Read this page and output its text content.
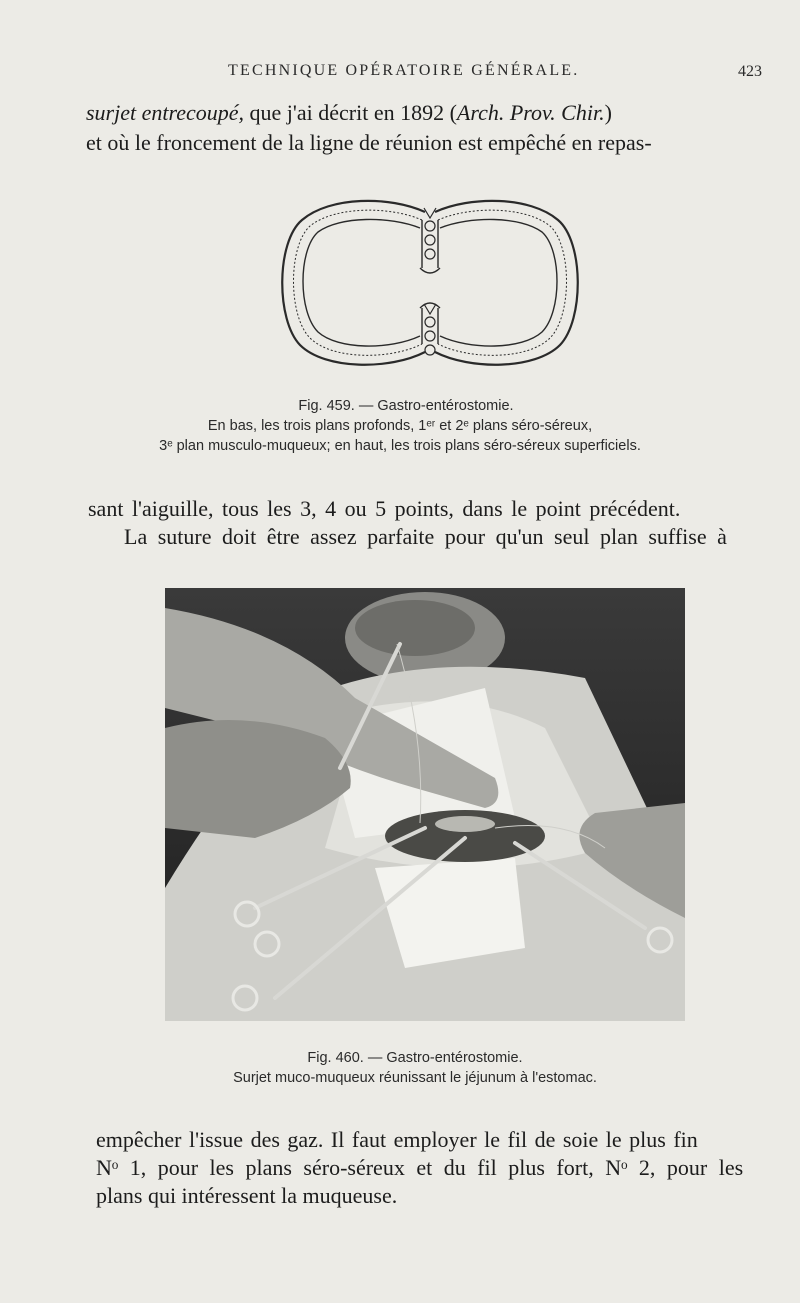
TECHNIQUE OPÉRATOIRE GÉNÉRALE.	423
surjet entrecoupé, que j'ai décrit en 1892 (Arch. Prov. Chir.)
et où le froncement de la ligne de réunion est empêché en repas-
Fig. 459. — Gastro-entérostomie.
En bas, les trois plans profonds, 1ᵉʳ et 2ᵉ plans séro-séreux,
3ᵉ plan musculo-muqueux; en haut, les trois plans séro-séreux superficiels.
sant l'aiguille, tous les 3, 4 ou 5 points, dans le point précédent.
La suture doit être assez parfaite pour qu'un seul plan suffise à
Fig. 460. — Gastro-entérostomie.
Surjet muco-muqueux réunissant le jéjunum à l'estomac.
empêcher l'issue des gaz. Il faut employer le fil de soie le plus fin
Nᵒ 1, pour les plans séro-séreux et du fil plus fort, Nᵒ 2, pour les
plans qui intéressent la muqueuse.
